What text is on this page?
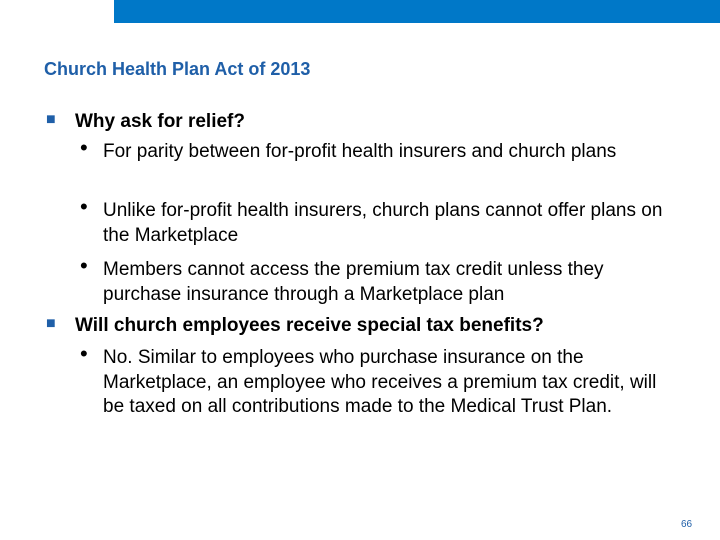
Church Health Plan Act of 2013
■ Why ask for relief?
• For parity between for-profit health insurers and church plans
• Unlike for-profit health insurers, church plans cannot offer plans on the Marketplace
• Members cannot access the premium tax credit unless they purchase insurance through a Marketplace plan
■ Will church employees receive special tax benefits?
• No. Similar to employees who purchase insurance on the Marketplace, an employee who receives a premium tax credit, will be taxed on all contributions made to the Medical Trust Plan.
66
